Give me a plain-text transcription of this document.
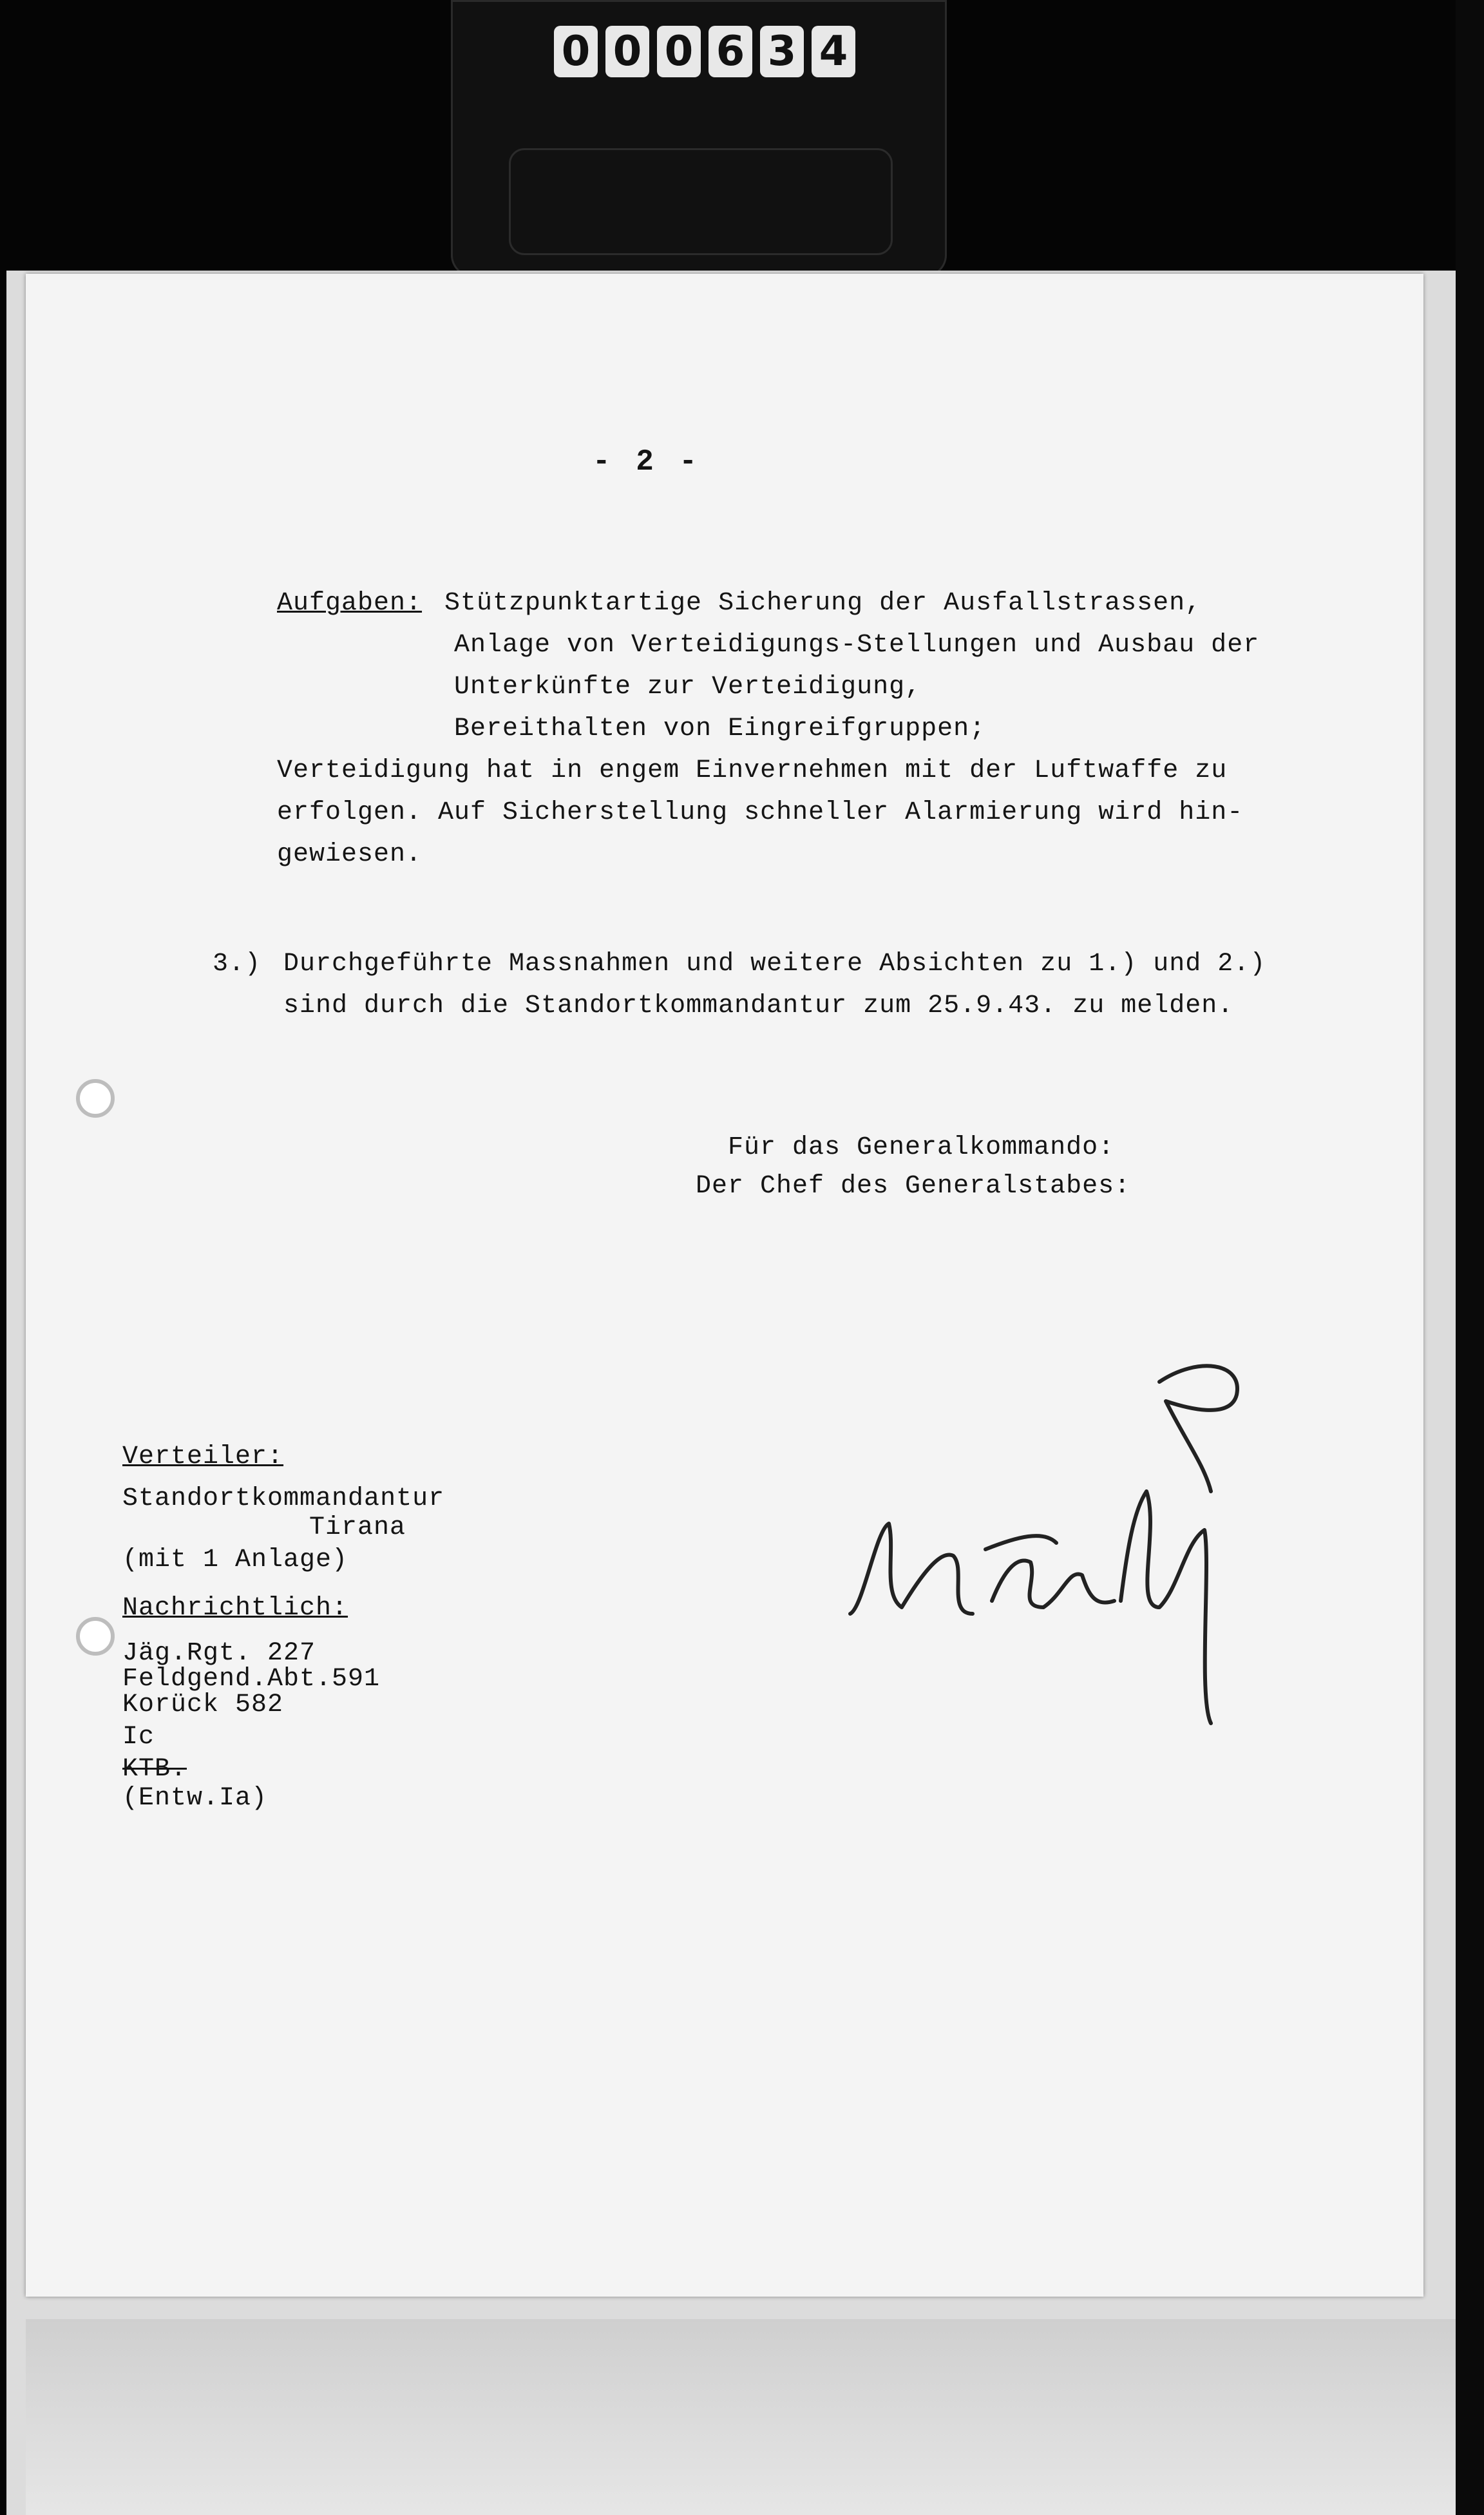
0 0 0 6 3 4
- 2 -
Aufgaben: Stützpunktartige Sicherung der Ausfallstrassen,
Anlage von Verteidigungs-Stellungen und Ausbau der
Unterkünfte zur Verteidigung,
Bereithalten von Eingreifgruppen;
Verteidigung hat in engem Einvernehmen mit der Luftwaffe zu
erfolgen. Auf Sicherstellung schneller Alarmierung wird hin-
gewiesen.
3.) Durchgeführte Massnahmen und weitere Absichten zu 1.) und 2.)
sind durch die Standortkommandantur zum 25.9.43. zu melden.
Für das Generalkommando:
Der Chef des Generalstabes:
Verteiler:
Standortkommandantur
Tirana
(mit 1 Anlage)
Nachrichtlich:
Jäg.Rgt. 227
Feldgend.Abt.591
Korück 582
Ic
KTB.
(Entw.Ia)
